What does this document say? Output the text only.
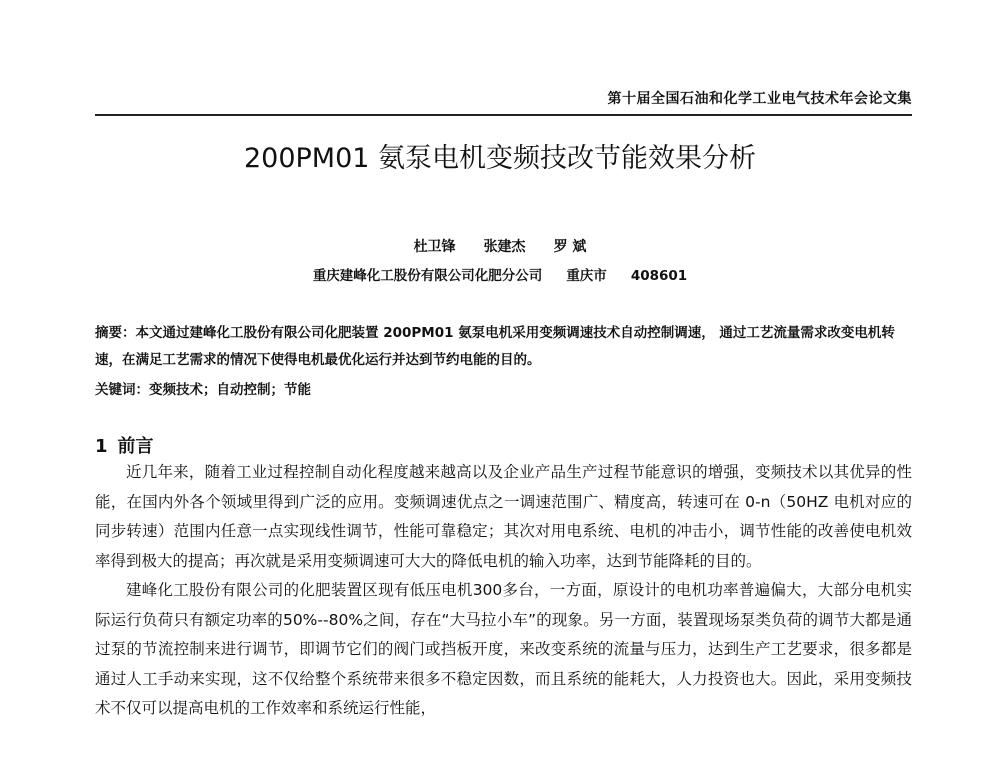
第十届全国石油和化学工业电气技术年会论文集
200PM01 氨泵电机变频技改节能效果分析
杜卫锋 张建杰 罗 斌
重庆建峰化工股份有限公司化肥分公司 重庆市 408601
摘要：本文通过建峰化工股份有限公司化肥装置 200PM01 氨泵电机采用变频调速技术自动控制调速， 通过工艺流量需求改变电机转速，在满足工艺需求的情况下使得电机最优化运行并达到节约电能的目的。
关键词：变频技术；自动控制；节能
1 前言

近几年来，随着工业过程控制自动化程度越来越高以及企业产品生产过程节能意识的增强，变频技术以其优异的性能，在国内外各个领域里得到广泛的应用。变频调速优点之一调速范围广、精度高，转速可在 0-n（50HZ 电机对应的同步转速）范围内任意一点实现线性调节，性能可靠稳定；其次对用电系统、电机的冲击小，调节性能的改善使电机效率得到极大的提高；再次就是采用变频调速可大大的降低电机的输入功率，达到节能降耗的目的。

建峰化工股份有限公司的化肥装置区现有低压电机300多台，一方面，原设计的电机功率普遍偏大，大部分电机实际运行负荷只有额定功率的50%--80%之间，存在“大马拉小车”的现象。另一方面，装置现场泵类负荷的调节大都是通过泵的节流控制来进行调节，即调节它们的阀门或挡板开度，来改变系统的流量与压力，达到生产工艺要求，很多都是通过人工手动来实现，这不仅给整个系统带来很多不稳定因数，而且系统的能耗大，人力投资也大。因此，采用变频技术不仅可以提高电机的工作效率和系统运行性能，
